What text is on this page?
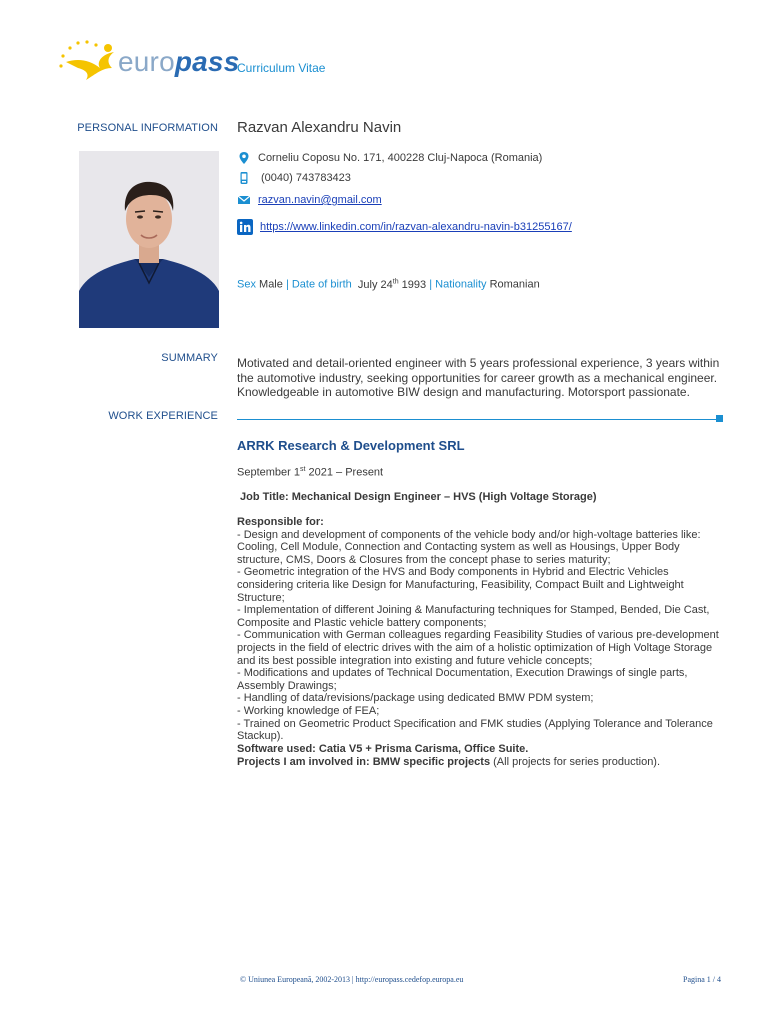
europass
Curriculum Vitae
PERSONAL INFORMATION Razvan Alexandru Navin
Corneliu Coposu No. 171, 400228 Cluj-Napoca (Romania)
(0040) 743783423
razvan.navin@gmail.com
https://www.linkedin.com/in/razvan-alexandru-navin-b31255167/
Sex Male | Date of birth July 24th 1993 | Nationality Romanian
SUMMARY Motivated and detail-oriented engineer with 5 years professional experience, 3 years within the automotive industry, seeking opportunities for career growth as a mechanical engineer. Knowledgeable in automotive BIW design and manufacturing. Motorsport passionate.
WORK EXPERIENCE
ARRK Research & Development SRL
September 1st 2021 – Present
Job Title: Mechanical Design Engineer – HVS (High Voltage Storage)
Responsible for:
- Design and development of components of the vehicle body and/or high-voltage batteries like: Cooling, Cell Module, Connection and Contacting system as well as Housings, Upper Body structure, CMS, Doors & Closures from the concept phase to series maturity;
- Geometric integration of the HVS and Body components in Hybrid and Electric Vehicles considering criteria like Design for Manufacturing, Feasibility, Compact Built and Lightweight Structure;
- Implementation of different Joining & Manufacturing techniques for Stamped, Bended, Die Cast, Composite and Plastic vehicle battery components;
- Communication with German colleagues regarding Feasibility Studies of various pre-development projects in the field of electric drives with the aim of a holistic optimization of High Voltage Storage and its best possible integration into existing and future vehicle concepts;
- Modifications and updates of Technical Documentation, Execution Drawings of single parts, Assembly Drawings;
- Handling of data/revisions/package using dedicated BMW PDM system;
- Working knowledge of FEA;
- Trained on Geometric Product Specification and FMK studies (Applying Tolerance and Tolerance Stackup).
Software used: Catia V5 + Prisma Carisma, Office Suite.
Projects I am involved in: BMW specific projects (All projects for series production).
© Uniunea Europeană, 2002-2013 | http://europass.cedefop.europa.eu	Pagina 1 / 4
